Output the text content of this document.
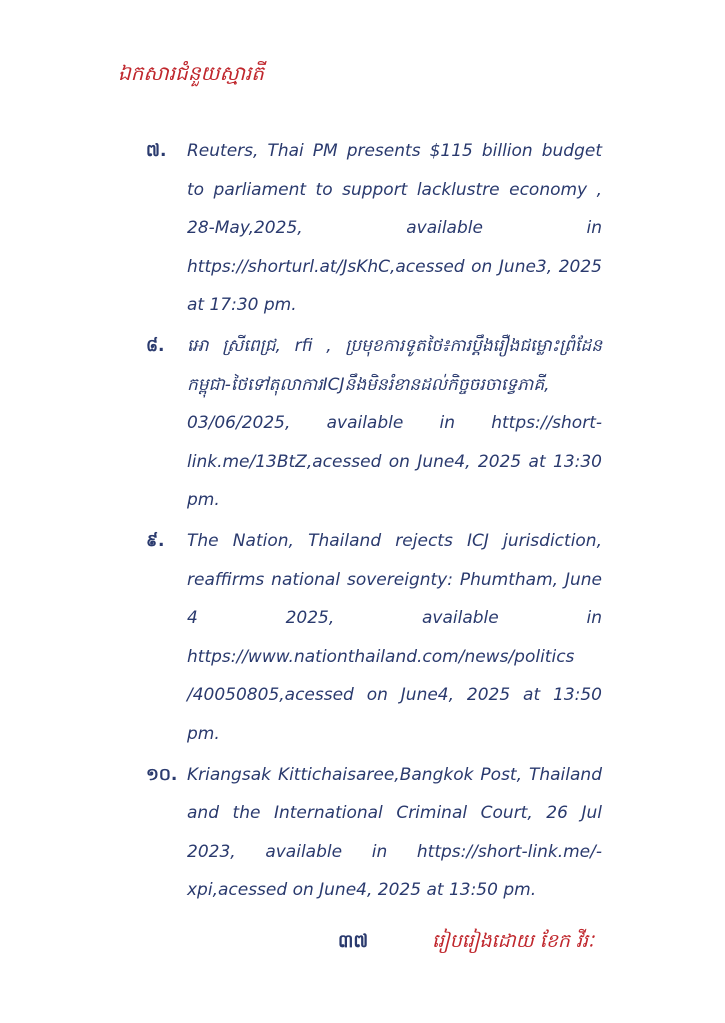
ឯកសារជំនួយស្មារតី
៧. Reuters, Thai PM presents $115 billion budget to parliament to support lacklustre economy , 28-May,2025, available in https://shorturl.at/JsKhC,acessed on June3, 2025 at 17:30 pm.
៨. អោ ស្រីពេជ្រ, rfi , ប្រមុខការទូតថៃ៖ការប្តឹងរឿងជម្លោះព្រំដែនកម្ពុជា-ថៃទៅតុលាការICJនឹងមិនរំខានដល់កិច្ចចរចាទ្វេភាគី, 03/06/2025, available in https://short-link.me/13BtZ,acessed on June4, 2025 at 13:30 pm.
៩. The Nation, Thailand rejects ICJ jurisdiction, reaffirms national sovereignty: Phumtham, June 4 2025, available in https://www.nationthailand.com/news/politics /40050805,acessed on June4, 2025 at 13:50 pm.
១០. Kriangsak Kittichaisaree,Bangkok Post, Thailand and the International Criminal Court, 26 Jul 2023, available in https://short-link.me/-xpi,acessed on June4, 2025 at 13:50 pm.
៣៧	រៀបរៀងដោយ ខែក វីរៈ
